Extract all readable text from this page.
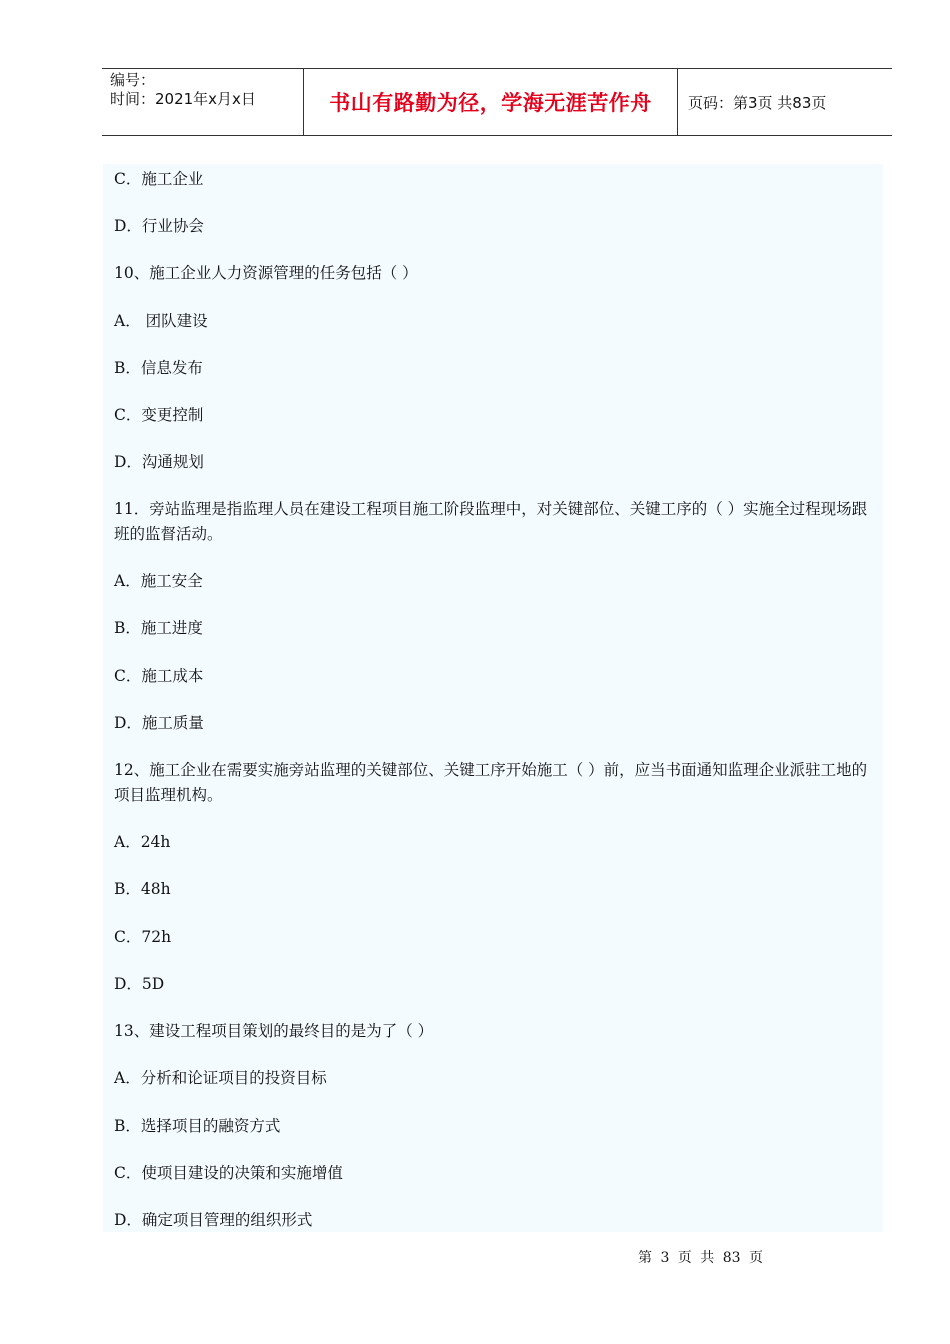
编号：
时间：2021年x月x日	书山有路勤为径，学海无涯苦作舟 页码：第3页 共83页
C．施工企业
D．行业协会
10、施工企业人力资源管理的任务包括（ ）
A． 团队建设
B．信息发布
C．变更控制
D．沟通规划
11．旁站监理是指监理人员在建设工程项目施工阶段监理中，对关键部位、关键工序的（ ）实施全过程现场跟班的监督活动。
A．施工安全
B．施工进度
C．施工成本
D．施工质量
12、施工企业在需要实施旁站监理的关键部位、关键工序开始施工（ ）前，应当书面通知监理企业派驻工地的项目监理机构。
A．24h
B．48h
C．72h
D．5D
13、建设工程项目策划的最终目的是为了（ ）
A．分析和论证项目的投资目标
B．选择项目的融资方式
C．使项目建设的决策和实施增值
D．确定项目管理的组织形式
第 3 页 共 83 页
